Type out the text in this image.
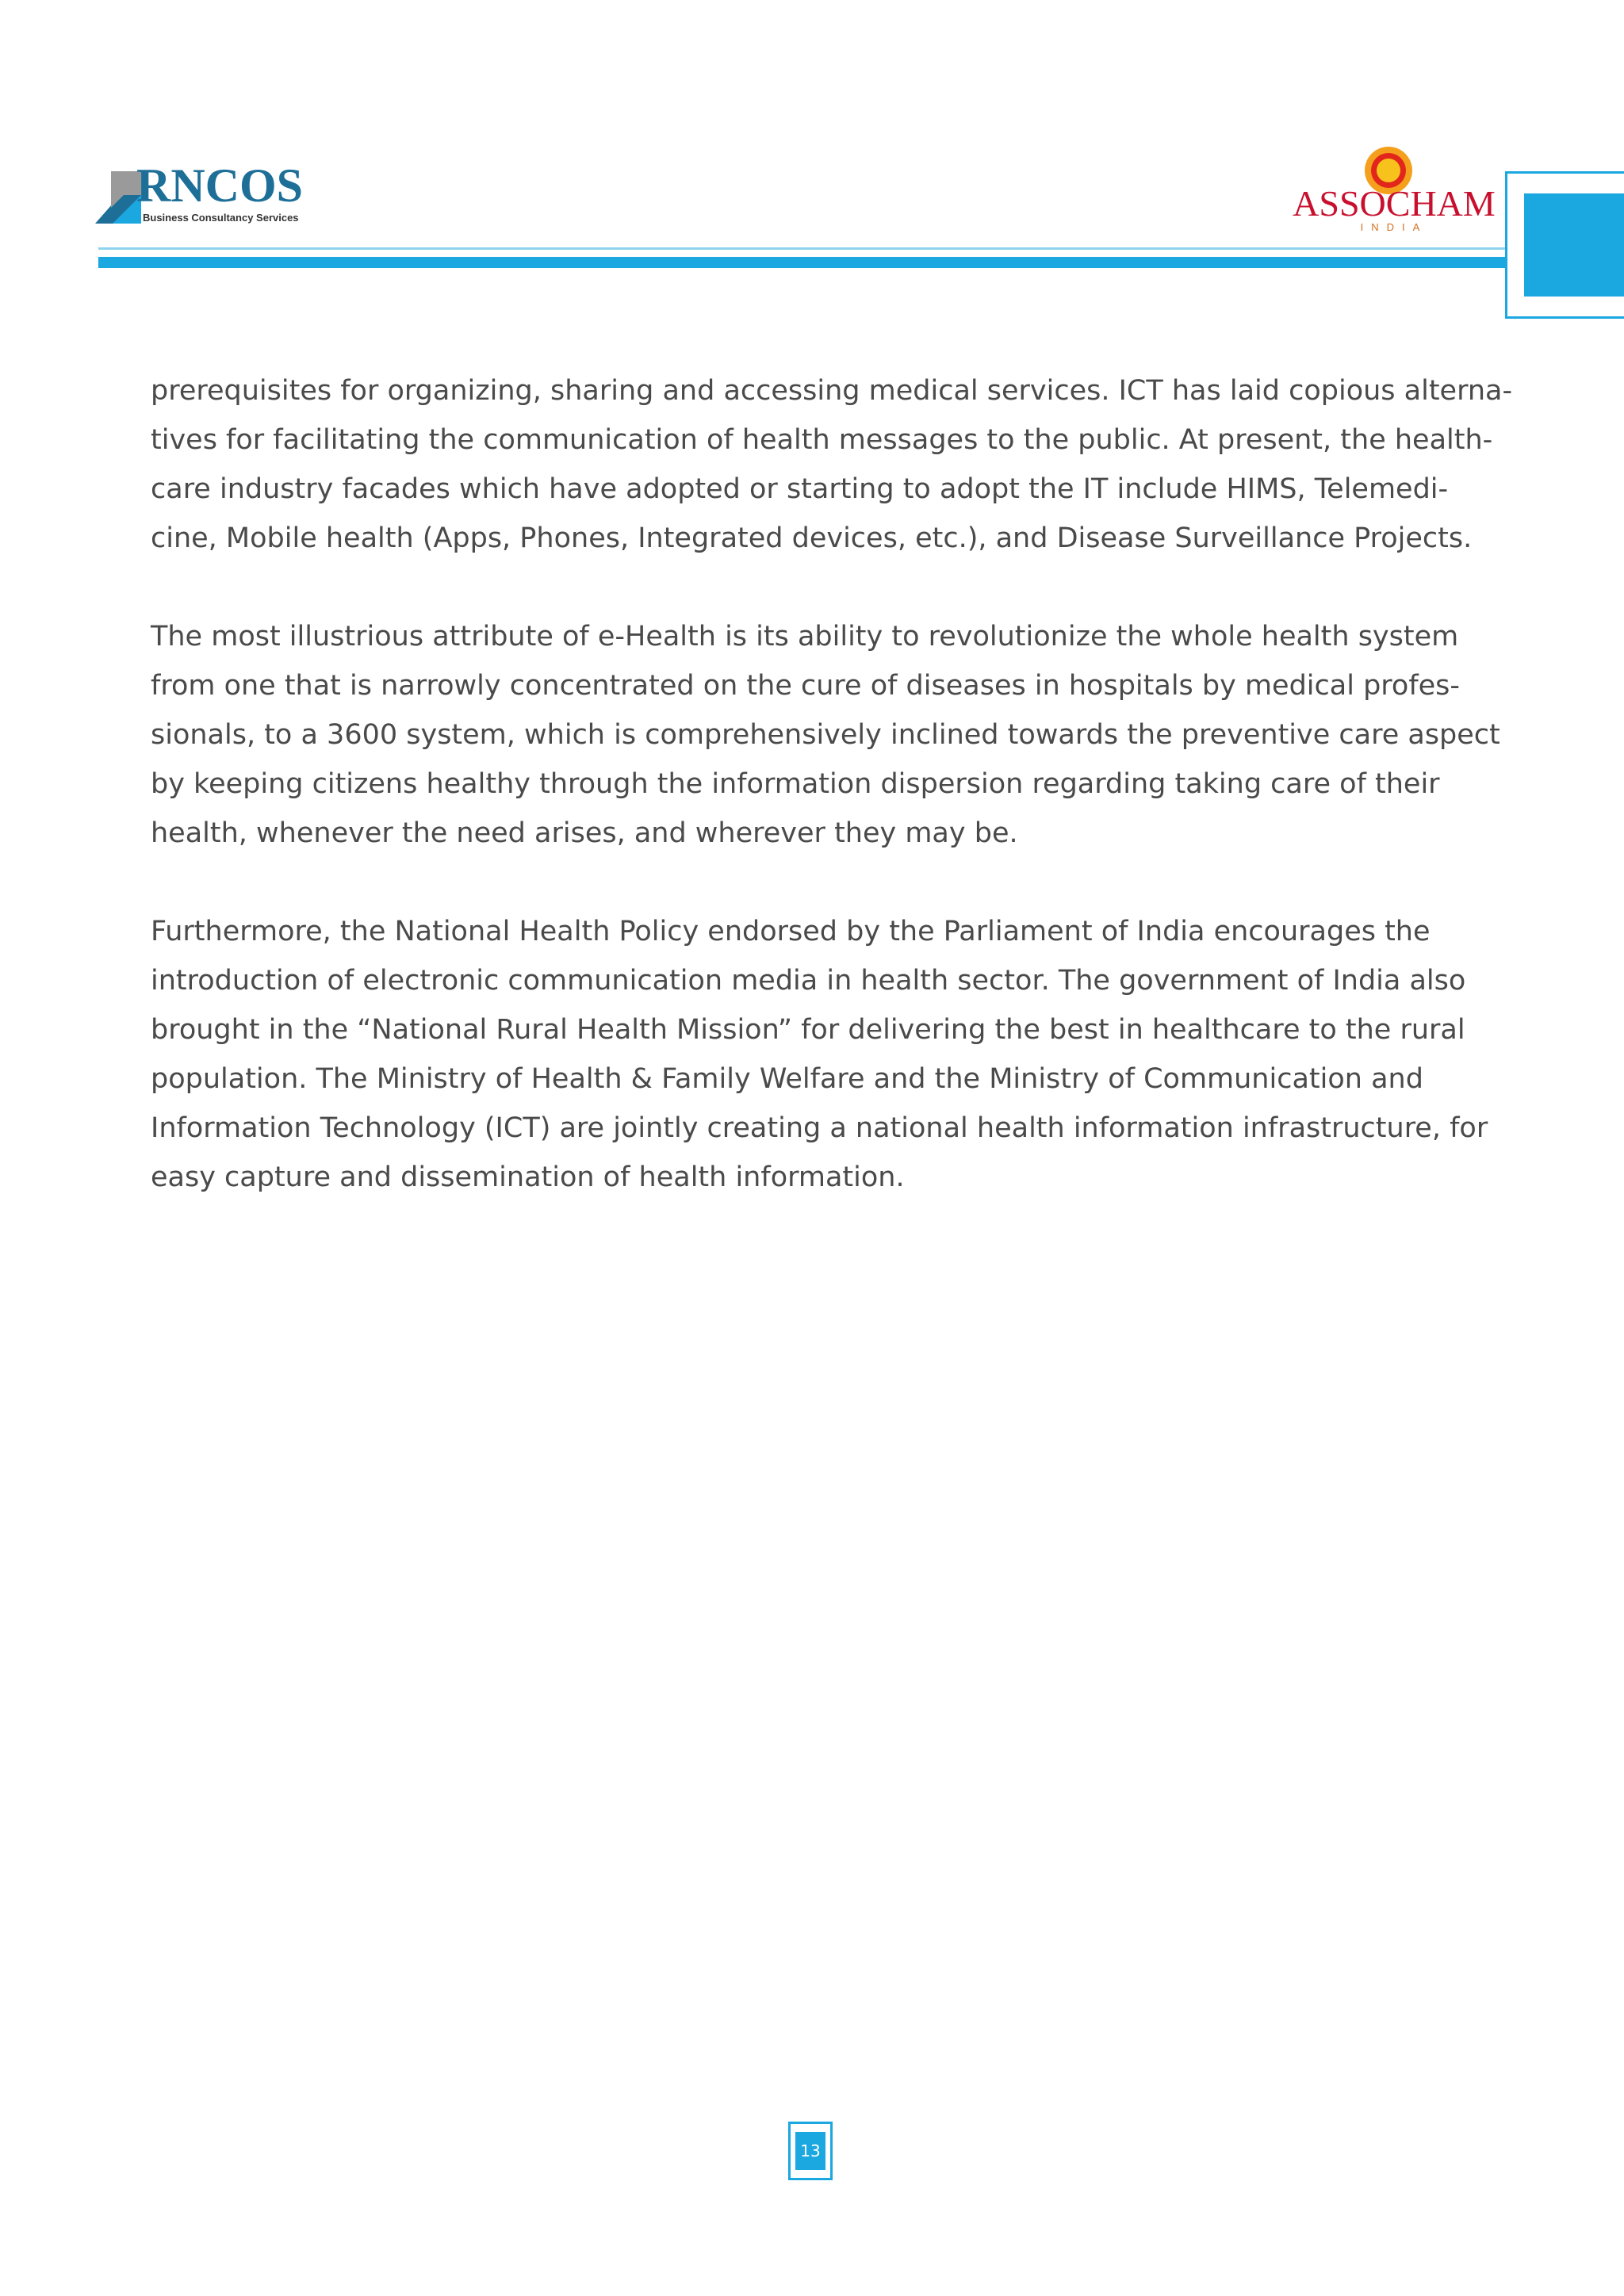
RNCOS
Business Consultancy Services	ASSOCHAM
INDIA

prerequisites for organizing, sharing and accessing medical services. ICT has laid copious alterna-
tives for facilitating the communication of health messages to the public. At present, the health-
care industry facades which have adopted or starting to adopt the IT include HIMS, Telemedi-
cine, Mobile health (Apps, Phones, Integrated devices, etc.), and Disease Surveillance Projects.

The most illustrious attribute of e-Health is its ability to revolutionize the whole health system
from one that is narrowly concentrated on the cure of diseases in hospitals by medical profes-
sionals, to a 3600 system, which is comprehensively inclined towards the preventive care aspect
by keeping citizens healthy through the information dispersion regarding taking care of their
health, whenever the need arises, and wherever they may be.

Furthermore, the National Health Policy endorsed by the Parliament of India encourages the
introduction of electronic communication media in health sector. The government of India also
brought in the “National Rural Health Mission” for delivering the best in healthcare to the rural
population. The Ministry of Health & Family Welfare and the Ministry of Communication and
Information Technology (ICT) are jointly creating a national health information infrastructure, for
easy capture and dissemination of health information.

13
